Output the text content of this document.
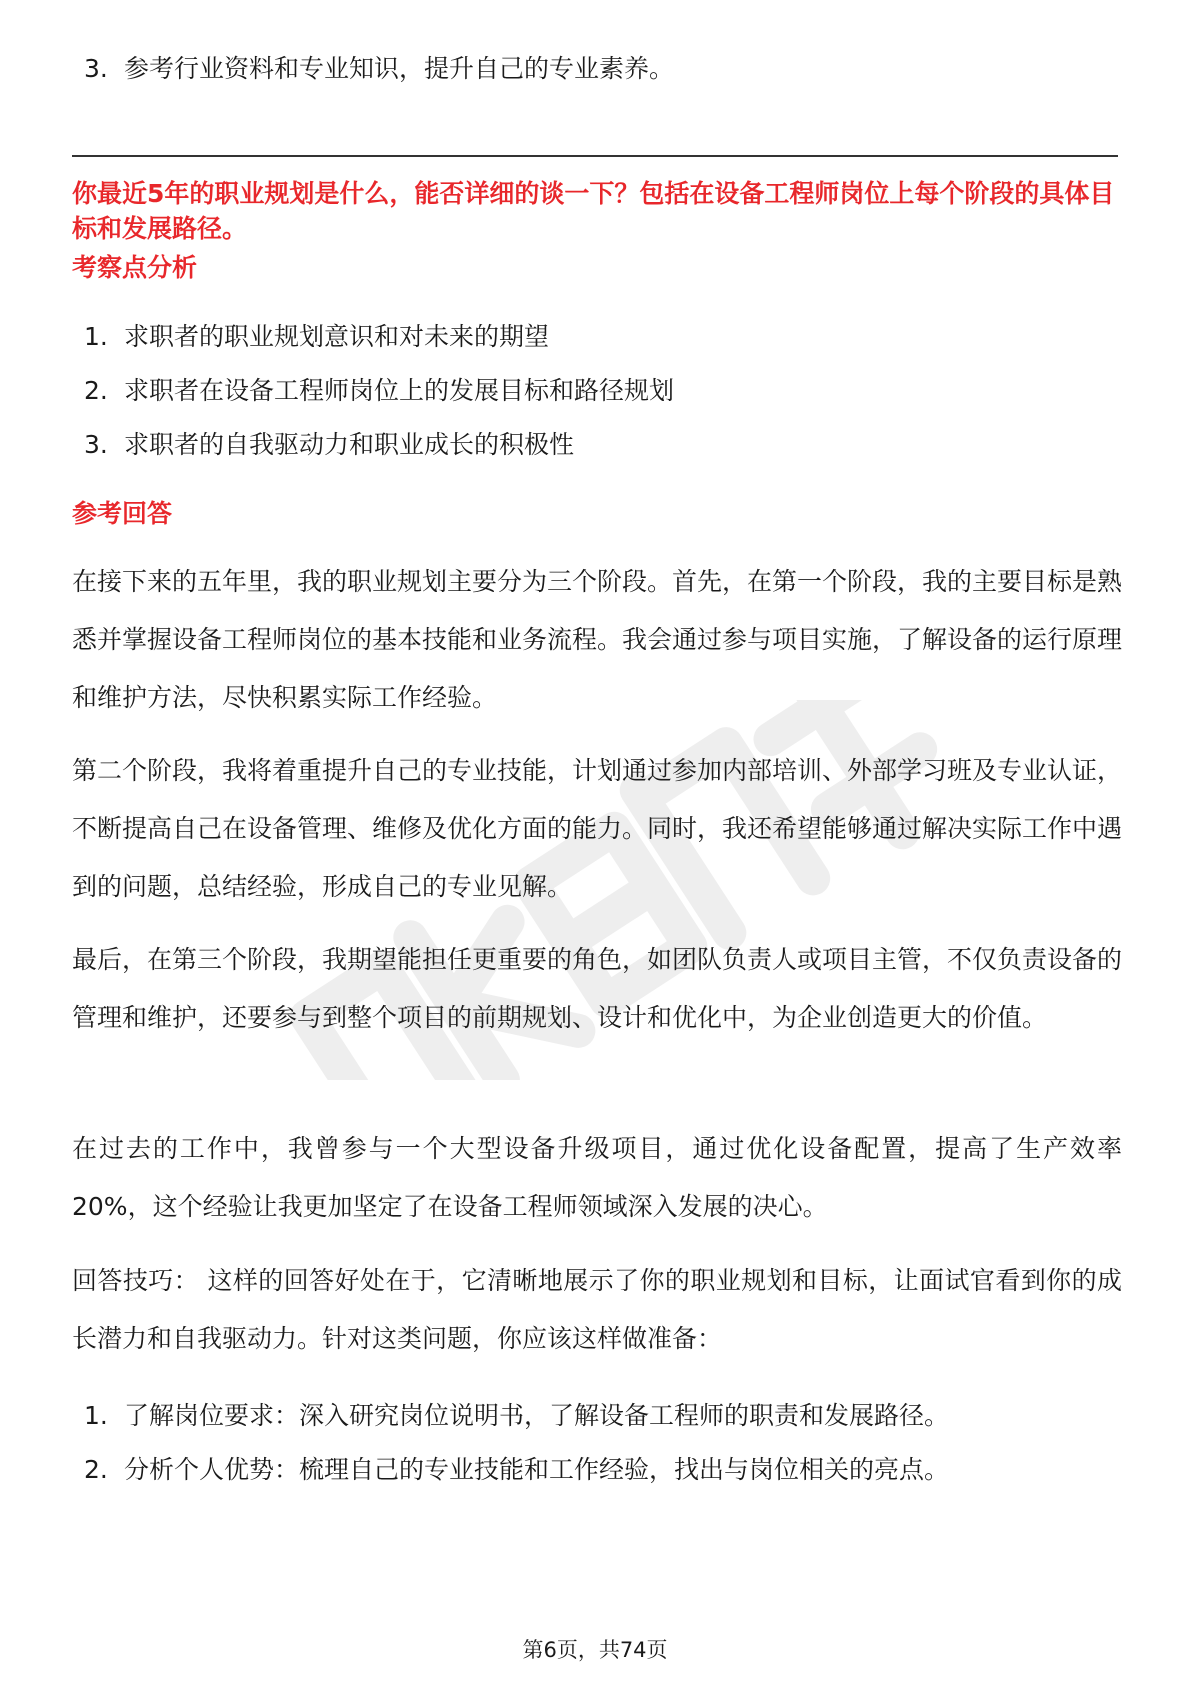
3. 参考行业资料和专业知识，提升自己的专业素养。

你最近5年的职业规划是什么，能否详细的谈一下？包括在设备工程师岗位上每个阶段的具体目标和发展路径。

考察点分析
1. 求职者的职业规划意识和对未来的期望
2. 求职者在设备工程师岗位上的发展目标和路径规划
3. 求职者的自我驱动力和职业成长的积极性
参考回答

在接下来的五年里，我的职业规划主要分为三个阶段。首先，在第一个阶段，我的主要目标是熟悉并掌握设备工程师岗位的基本技能和业务流程。我会通过参与项目实施，了解设备的运行原理和维护方法，尽快积累实际工作经验。

第二个阶段，我将着重提升自己的专业技能，计划通过参加内部培训、外部学习班及专业认证，不断提高自己在设备管理、维修及优化方面的能力。同时，我还希望能够通过解决实际工作中遇到的问题，总结经验，形成自己的专业见解。

最后，在第三个阶段，我期望能担任更重要的角色，如团队负责人或项目主管，不仅负责设备的管理和维护，还要参与到整个项目的前期规划、设计和优化中，为企业创造更大的价值。

在过去的工作中，我曾参与一个大型设备升级项目，通过优化设备配置，提高了生产效率20%，这个经验让我更加坚定了在设备工程师领域深入发展的决心。

回答技巧： 这样的回答好处在于，它清晰地展示了你的职业规划和目标，让面试官看到你的成长潜力和自我驱动力。针对这类问题，你应该这样做准备：

1. 了解岗位要求：深入研究岗位说明书，了解设备工程师的职责和发展路径。
2. 分析个人优势：梳理自己的专业技能和工作经验，找出与岗位相关的亮点。
第6页，共74页
